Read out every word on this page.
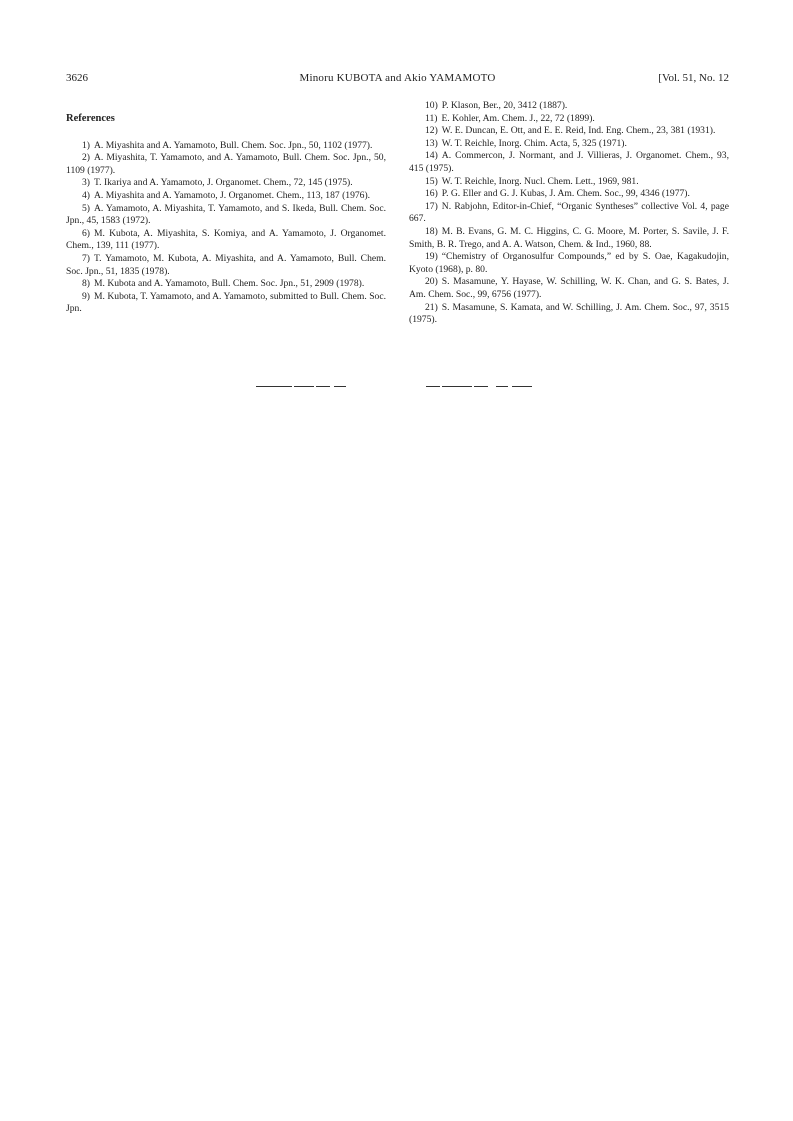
3626	Minoru KUBOTA and Akio YAMAMOTO	[Vol. 51, No. 12
References

1) A. Miyashita and A. Yamamoto, Bull. Chem. Soc. Jpn., 50, 1102 (1977).

2) A. Miyashita, T. Yamamoto, and A. Yamamoto, Bull. Chem. Soc. Jpn., 50, 1109 (1977).

3) T. Ikariya and A. Yamamoto, J. Organomet. Chem., 72, 145 (1975).

4) A. Miyashita and A. Yamamoto, J. Organomet. Chem., 113, 187 (1976).

5) A. Yamamoto, A. Miyashita, T. Yamamoto, and S. Ikeda, Bull. Chem. Soc. Jpn., 45, 1583 (1972).

6) M. Kubota, A. Miyashita, S. Komiya, and A. Yamamoto, J. Organomet. Chem., 139, 111 (1977).

7) T. Yamamoto, M. Kubota, A. Miyashita, and A. Yamamoto, Bull. Chem. Soc. Jpn., 51, 1835 (1978).

8) M. Kubota and A. Yamamoto, Bull. Chem. Soc. Jpn., 51, 2909 (1978).

9) M. Kubota, T. Yamamoto, and A. Yamamoto, submitted to Bull. Chem. Soc. Jpn.

10) P. Klason, Ber., 20, 3412 (1887).

11) E. Kohler, Am. Chem. J., 22, 72 (1899).

12) W. E. Duncan, E. Ott, and E. E. Reid, Ind. Eng. Chem., 23, 381 (1931).

13) W. T. Reichle, Inorg. Chim. Acta, 5, 325 (1971).

14) A. Commercon, J. Normant, and J. Villieras, J. Organomet. Chem., 93, 415 (1975).

15) W. T. Reichle, Inorg. Nucl. Chem. Lett., 1969, 981.

16) P. G. Eller and G. J. Kubas, J. Am. Chem. Soc., 99, 4346 (1977).

17) N. Rabjohn, Editor-in-Chief, “Organic Syntheses” collective Vol. 4, page 667.

18) M. B. Evans, G. M. C. Higgins, C. G. Moore, M. Porter, S. Savile, J. F. Smith, B. R. Trego, and A. A. Watson, Chem. & Ind., 1960, 88.

19) “Chemistry of Organosulfur Compounds,” ed by S. Oae, Kagakudojin, Kyoto (1968), p. 80.

20) S. Masamune, Y. Hayase, W. Schilling, W. K. Chan, and G. S. Bates, J. Am. Chem. Soc., 99, 6756 (1977).

21) S. Masamune, S. Kamata, and W. Schilling, J. Am. Chem. Soc., 97, 3515 (1975).
